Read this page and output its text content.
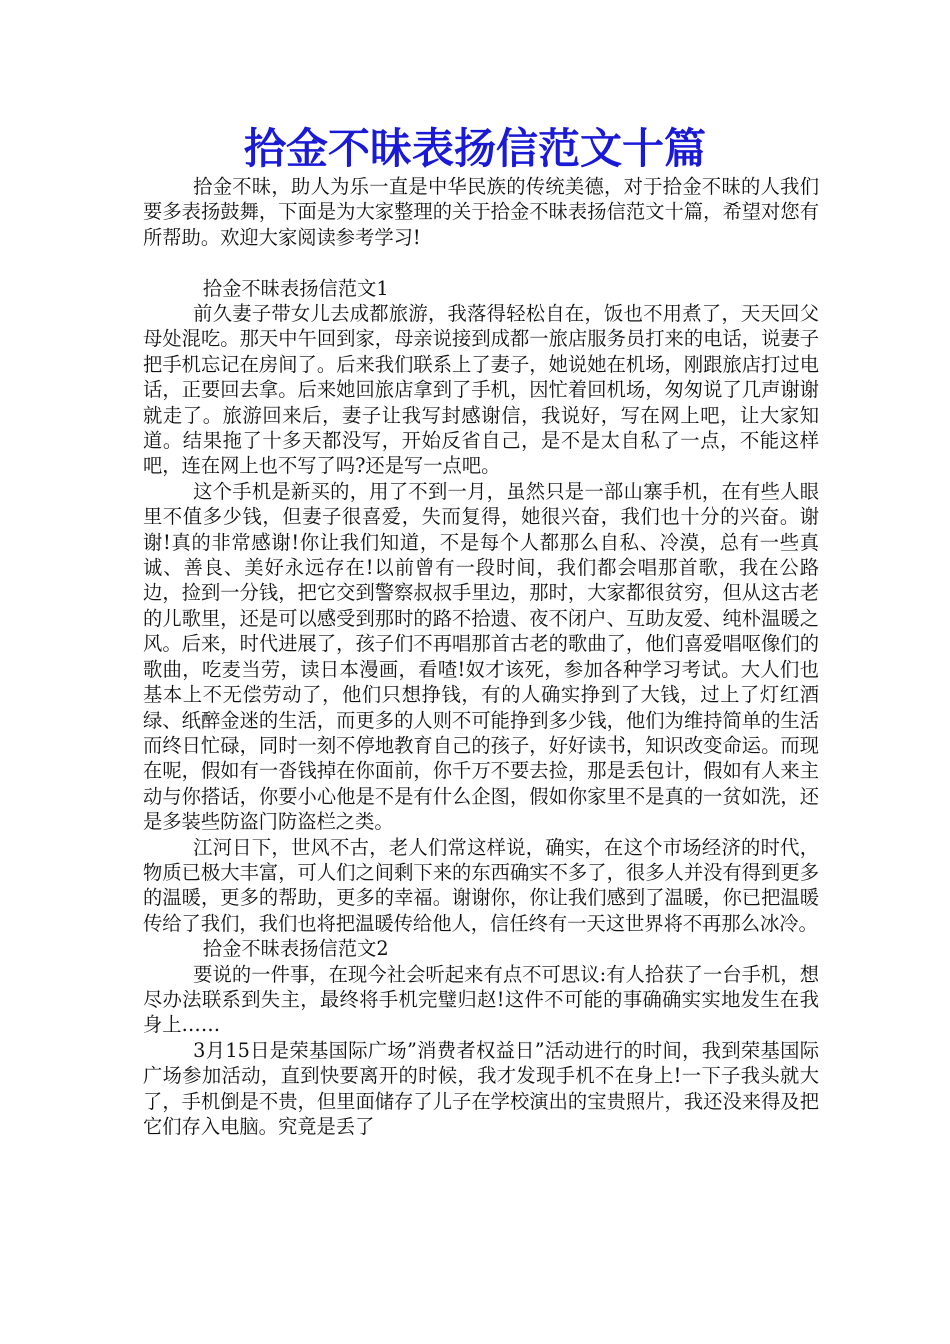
拾金不昧表扬信范文十篇

拾金不昧，助人为乐一直是中华民族的传统美德，对于拾金不昧的人我们要多表扬鼓舞，下面是为大家整理的关于拾金不昧表扬信范文十篇，希望对您有所帮助。欢迎大家阅读参考学习!

拾金不昧表扬信范文1

前久妻子带女儿去成都旅游，我落得轻松自在，饭也不用煮了，天天回父母处混吃。那天中午回到家，母亲说接到成都一旅店服务员打来的电话，说妻子把手机忘记在房间了。后来我们联系上了妻子，她说她在机场，刚跟旅店打过电话，正要回去拿。后来她回旅店拿到了手机，因忙着回机场，匆匆说了几声谢谢就走了。旅游回来后，妻子让我写封感谢信，我说好，写在网上吧，让大家知道。结果拖了十多天都没写，开始反省自己，是不是太自私了一点，不能这样吧，连在网上也不写了吗?还是写一点吧。

这个手机是新买的，用了不到一月，虽然只是一部山寨手机，在有些人眼里不值多少钱，但妻子很喜爱，失而复得，她很兴奋，我们也十分的兴奋。谢谢!真的非常感谢!你让我们知道，不是每个人都那么自私、冷漠，总有一些真诚、善良、美好永远存在!以前曾有一段时间，我们都会唱那首歌，我在公路边，捡到一分钱，把它交到警察叔叔手里边，那时，大家都很贫穷，但从这古老的儿歌里，还是可以感受到那时的路不拾遗、夜不闭户、互助友爱、纯朴温暖之风。后来，时代进展了，孩子们不再唱那首古老的歌曲了，他们喜爱唱呕像们的歌曲，吃麦当劳，读日本漫画，看喳!奴才该死，参加各种学习考试。大人们也基本上不无偿劳动了，他们只想挣钱，有的人确实挣到了大钱，过上了灯红酒绿、纸醉金迷的生活，而更多的人则不可能挣到多少钱，他们为维持简单的生活而终日忙碌，同时一刻不停地教育自己的孩子，好好读书，知识改变命运。而现在呢，假如有一沓钱掉在你面前，你千万不要去捡，那是丢包计，假如有人来主动与你搭话，你要小心他是不是有什么企图，假如你家里不是真的一贫如洗，还是多装些防盗门防盗栏之类。

江河日下，世风不古，老人们常这样说，确实，在这个市场经济的时代，物质已极大丰富，可人们之间剩下来的东西确实不多了，很多人并没有得到更多的温暖，更多的帮助，更多的幸福。谢谢你，你让我们感到了温暖，你已把温暖传给了我们，我们也将把温暖传给他人，信任终有一天这世界将不再那么冰冷。

拾金不昧表扬信范文2

要说的一件事，在现今社会听起来有点不可思议:有人拾获了一台手机，想尽办法联系到失主，最终将手机完璧归赵!这件不可能的事确确实实地发生在我身上……

3月15日是荣基国际广场”消费者权益日”活动进行的时间，我到荣基国际广场参加活动，直到快要离开的时候，我才发现手机不在身上!一下子我头就大了，手机倒是不贵，但里面储存了儿子在学校演出的宝贵照片，我还没来得及把它们存入电脑。究竟是丢了
